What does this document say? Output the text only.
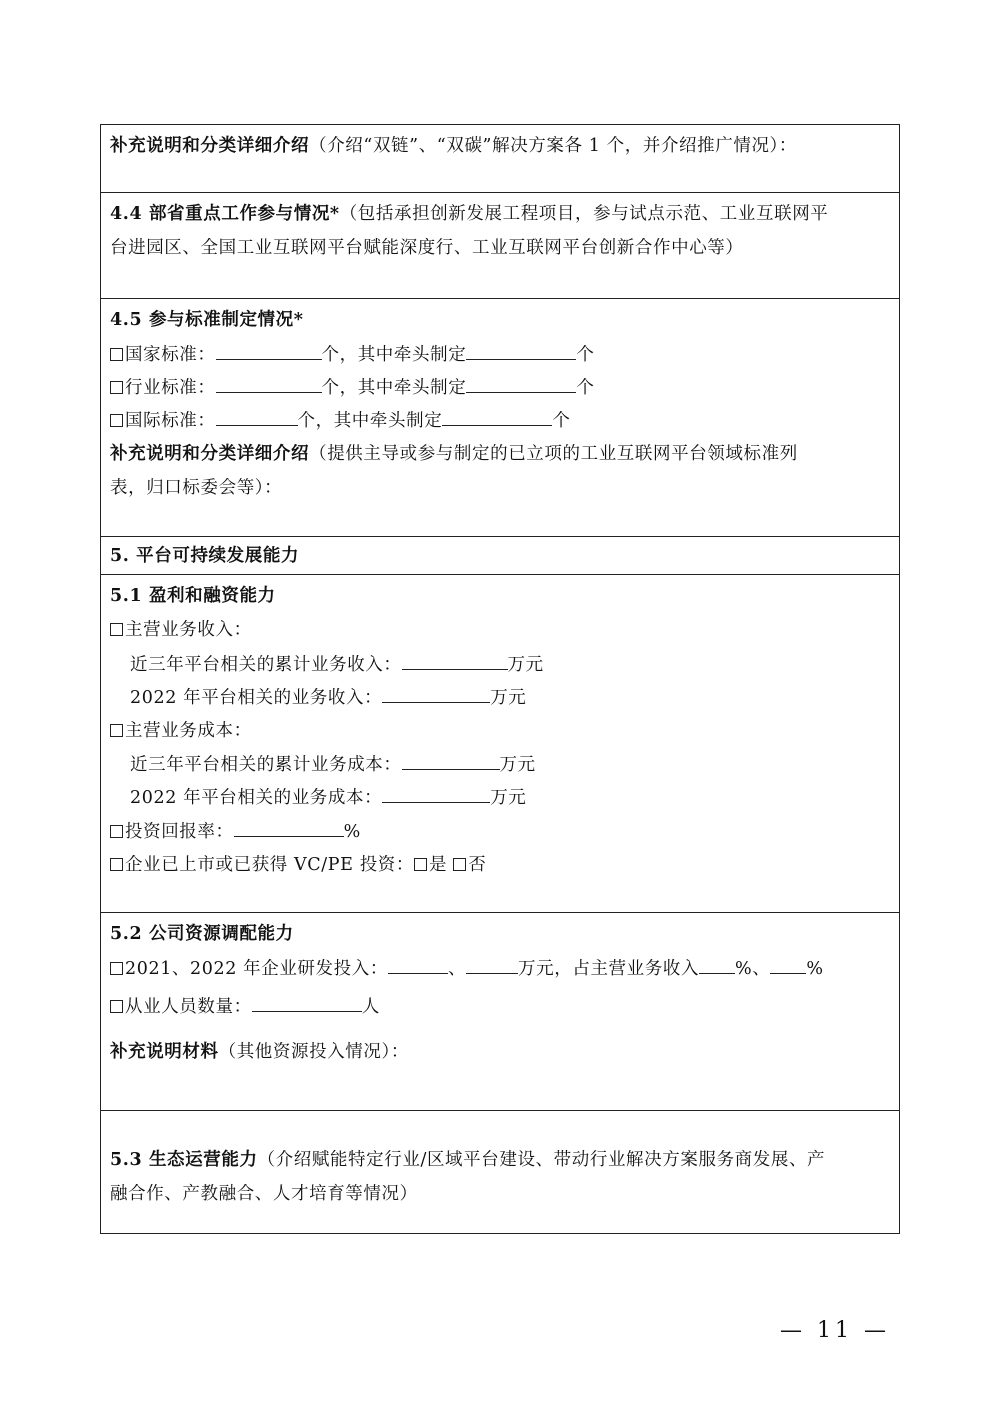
补充说明和分类详细介绍（介绍“双链”、“双碳”解决方案各 1 个，并介绍推广情况）：
4.4 部省重点工作参与情况*（包括承担创新发展工程项目，参与试点示范、工业互联网平
台进园区、全国工业互联网平台赋能深度行、工业互联网平台创新合作中心等）
4.5 参与标准制定情况*
国家标准：	个，其中牵头制定	个
行业标准：	个，其中牵头制定	个
国际标准：	个，其中牵头制定	个
补充说明和分类详细介绍（提供主导或参与制定的已立项的工业互联网平台领域标准列
表，归口标委会等）：
5. 平台可持续发展能力
5.1 盈利和融资能力
主营业务收入：
近三年平台相关的累计业务收入：	万元
2022 年平台相关的业务收入：	万元
主营业务成本：
近三年平台相关的累计业务成本：	万元
2022 年平台相关的业务成本：	万元
投资回报率：	%
企业已上市或已获得 VC/PE 投资： 是 否
5.2 公司资源调配能力
2021、2022 年企业研发投入：	、	万元，占主营业务收入 %、 %
从业人员数量：	人
补充说明材料（其他资源投入情况）：
5.3 生态运营能力（介绍赋能特定行业/区域平台建设、带动行业解决方案服务商发展、产
融合作、产教融合、人才培育等情况）
— 11 —
